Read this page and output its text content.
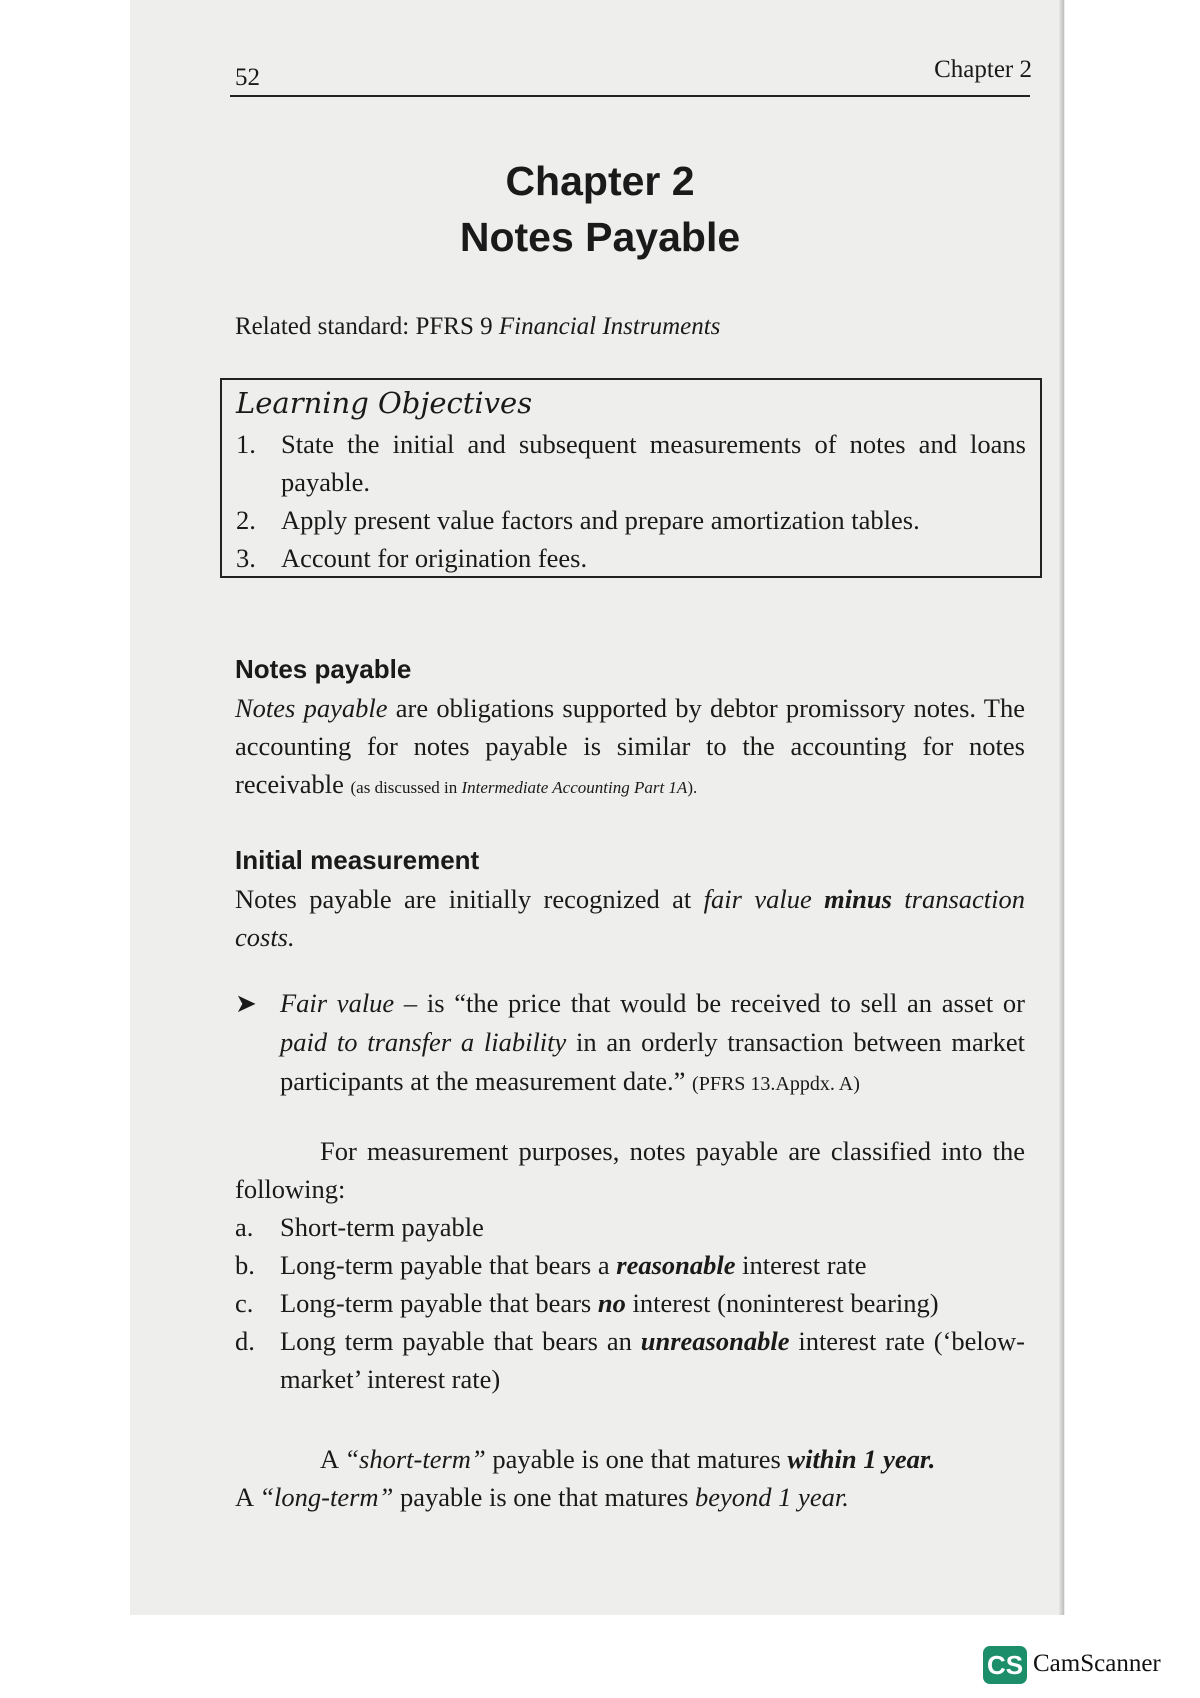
52	Chapter 2
Chapter 2
Notes Payable
Related standard: PFRS 9 Financial Instruments
Learning Objectives
1. State the initial and subsequent measurements of notes and loans payable.
2. Apply present value factors and prepare amortization tables.
3. Account for origination fees.
Notes payable
Notes payable are obligations supported by debtor promissory notes. The accounting for notes payable is similar to the accounting for notes receivable (as discussed in Intermediate Accounting Part 1A).
Initial measurement
Notes payable are initially recognized at fair value minus transaction costs.
➤ Fair value – is “the price that would be received to sell an asset or paid to transfer a liability in an orderly transaction between market participants at the measurement date.” (PFRS 13.Appdx. A)
For measurement purposes, notes payable are classified into the following:
a. Short-term payable
b. Long-term payable that bears a reasonable interest rate
c. Long-term payable that bears no interest (noninterest bearing)
d. Long term payable that bears an unreasonable interest rate (‘below-market’ interest rate)
A “short-term” payable is one that matures within 1 year.
A “long-term” payable is one that matures beyond 1 year.
CS CamScanner
